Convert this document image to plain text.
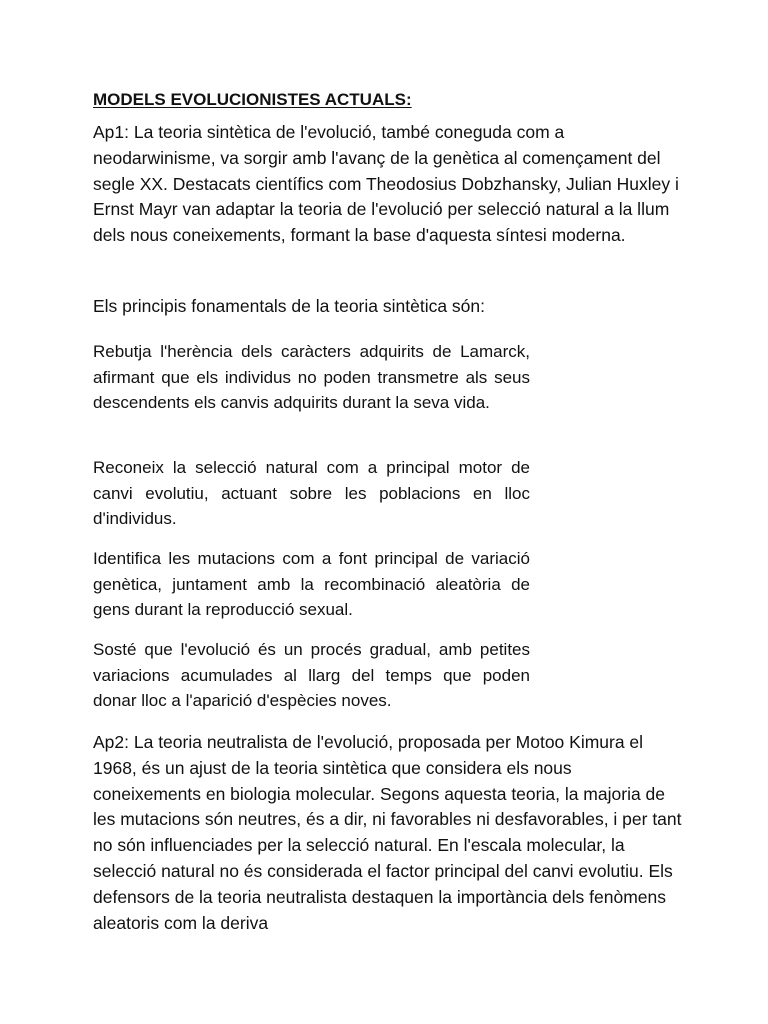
MODELS EVOLUCIONISTES ACTUALS:

Ap1: La teoria sintètica de l'evolució, també coneguda com a neodarwinisme, va sorgir amb l'avanç de la genètica al començament del segle XX. Destacats científics com Theodosius Dobzhansky, Julian Huxley i Ernst Mayr van adaptar la teoria de l'evolució per selecció natural a la llum dels nous coneixements, formant la base d'aquesta síntesi moderna.

Els principis fonamentals de la teoria sintètica són:

Rebutja l'herència dels caràcters adquirits de Lamarck, afirmant que els individus no poden transmetre als seus descendents els canvis adquirits durant la seva vida.

Reconeix la selecció natural com a principal motor de canvi evolutiu, actuant sobre les poblacions en lloc d'individus.

Identifica les mutacions com a font principal de variació genètica, juntament amb la recombinació aleatòria de gens durant la reproducció sexual.

Sosté que l'evolució és un procés gradual, amb petites variacions acumulades al llarg del temps que poden donar lloc a l'aparició d'espècies noves.

Ap2: La teoria neutralista de l'evolució, proposada per Motoo Kimura el 1968, és un ajust de la teoria sintètica que considera els nous coneixements en biologia molecular. Segons aquesta teoria, la majoria de les mutacions són neutres, és a dir, ni favorables ni desfavorables, i per tant no són influenciades per la selecció natural. En l'escala molecular, la selecció natural no és considerada el factor principal del canvi evolutiu. Els defensors de la teoria neutralista destaquen la importància dels fenòmens aleatoris com la deriva
